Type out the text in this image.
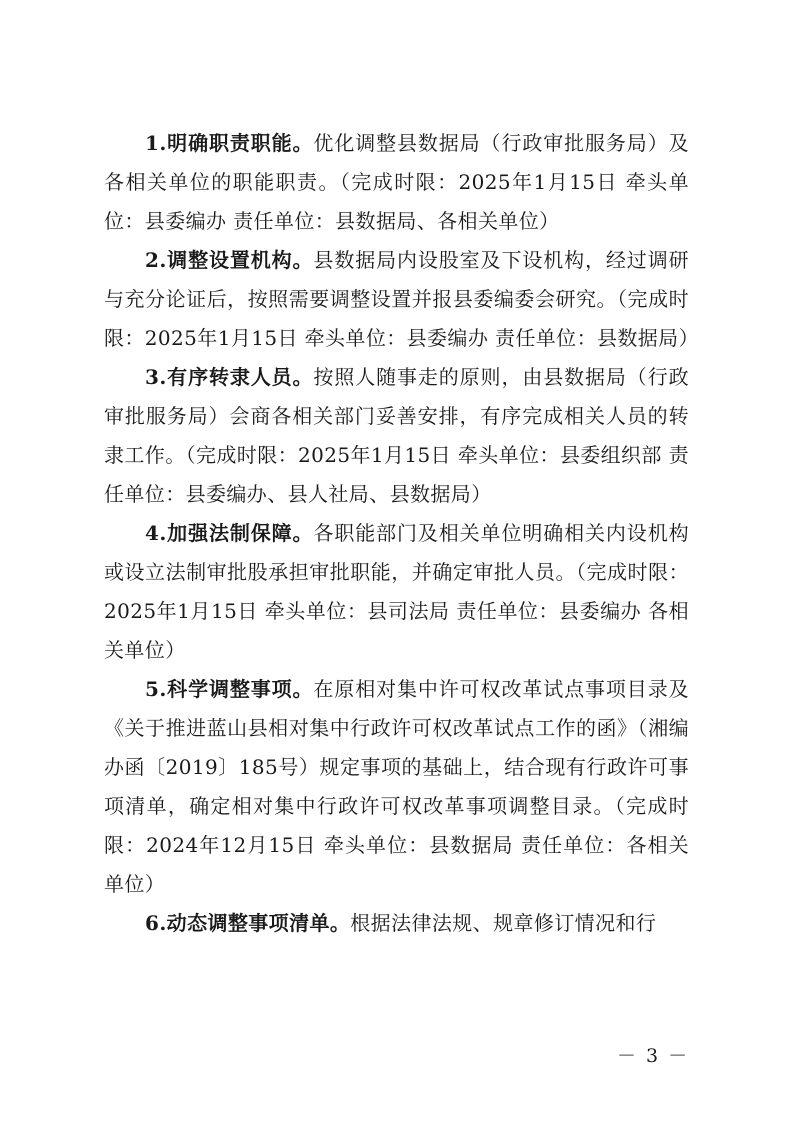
1.明确职责职能。优化调整县数据局（行政审批服务局）及各相关单位的职能职责。（完成时限：2025年1月15日 牵头单位：县委编办 责任单位：县数据局、各相关单位）

2.调整设置机构。县数据局内设股室及下设机构，经过调研与充分论证后，按照需要调整设置并报县委编委会研究。（完成时限：2025年1月15日 牵头单位：县委编办 责任单位：县数据局）

3.有序转隶人员。按照人随事走的原则，由县数据局（行政审批服务局）会商各相关部门妥善安排，有序完成相关人员的转隶工作。（完成时限：2025年1月15日 牵头单位：县委组织部 责任单位：县委编办、县人社局、县数据局）

4.加强法制保障。各职能部门及相关单位明确相关内设机构或设立法制审批股承担审批职能，并确定审批人员。（完成时限：2025年1月15日 牵头单位：县司法局 责任单位：县委编办 各相关单位）

5.科学调整事项。在原相对集中许可权改革试点事项目录及《关于推进蓝山县相对集中行政许可权改革试点工作的函》（湘编办函〔2019〕185号）规定事项的基础上，结合现有行政许可事项清单，确定相对集中行政许可权改革事项调整目录。（完成时限：2024年12月15日 牵头单位：县数据局 责任单位：各相关单位）

6.动态调整事项清单。根据法律法规、规章修订情况和行

－ 3 －
